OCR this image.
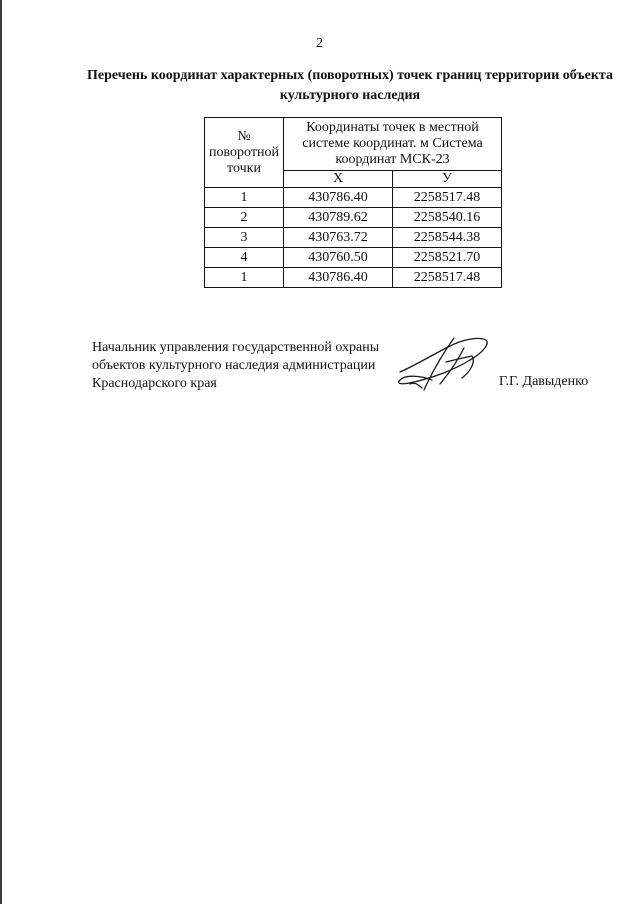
2
Перечень координат характерных (поворотных) точек границ территории объекта культурного наследия
№ поворотной точки	Координаты точек в местной системе координат. м Система координат МСК-23	
	X	У
1	430786.40	2258517.48
2	430789.62	2258540.16
3	430763.72	2258544.38
4	430760.50	2258521.70
1	430786.40	2258517.48
Начальник управления государственной охраны объектов культурного наследия администрации Краснодарского края	Г.Г. Давыденко
